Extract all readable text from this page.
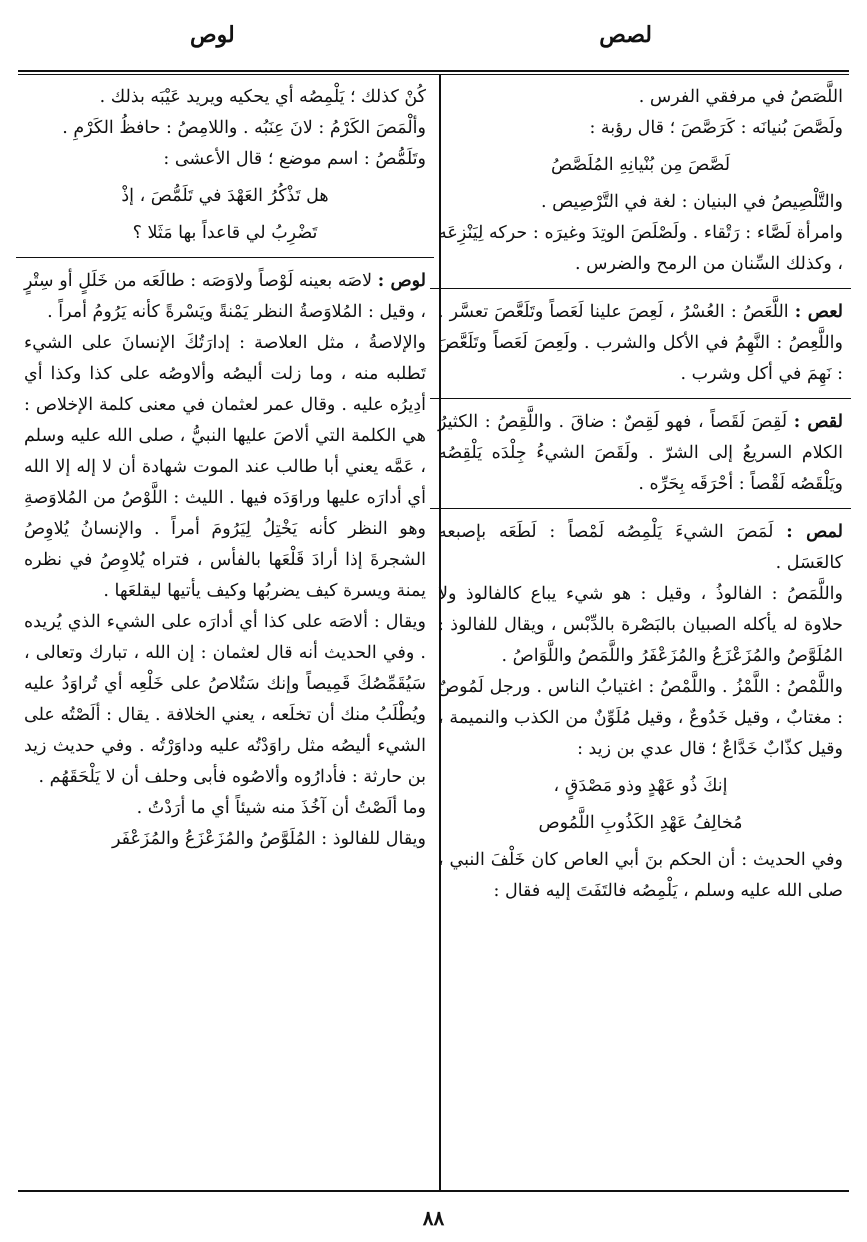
لصص
لوص

اللَّصَصُ في مرفقي الفرس .

ولَصَّصَ بُنيانَه : كَرَصَّصَ ؛ قال رؤبة :

لَصَّصَ مِن بُنْيانِهِ المُلَصَّصُ

والتَّلْصِيصُ في البنيان : لغة في التَّرْصِيص .

وامرأة لَصَّاء : رَتْقاء . ولَصْلَصَ الوتِدَ وغيرَه : حركه لِيَنْزِعَه ، وكذلك السِّنان من الرمح والضرس .

لعص : اللَّعَصُ : العُسْرُ ، لَعِصَ علينا لَعَصاً وتَلَعَّصَ تعسَّر . واللَّعِصُ : النَّهِمُ في الأكل والشرب . ولَعِصَ لَعَصاً وتَلَعَّصَ : نَهِمَ في أكل وشرب .

لقص : لَقِصَ لَقَصاً ، فهو لَقِصٌ : ضاقَ . واللَّقِصُ : الكثيرُ الكلام السريعُ إلى الشرّ . ولَقَصَ الشيءُ جِلْدَه يَلْقِصُه ويَلْقَصُه لَقْصاً : أحْرَقَه بِحَرِّه .

لمص : لَمَصَ الشيءَ يَلْمِصُه لَمْصاً : لَطَعَه بإصبعه كالعَسَل .

واللَّمَصُ : الفالوذُ ، وقيل : هو شيء يباع كالفالوذ ولا حلاوة له يأكله الصبيان بالبَصْرة بالدِّبْس ، ويقال للفالوذ : المُلَوَّصُ والمُزَعْزَعُ والمُزَعْفَرُ واللَّمَصُ واللَّوَاصُ .

واللَّمْصُ : اللَّمْزُ . واللَّمْصُ : اغتيابُ الناس . ورجل لَمُوصٌ : مغتابٌ ، وقيل خَدُوعٌ ، وقيل مُلَوِّنٌ من الكذب والنميمة ، وقيل كذّابٌ خَدَّاعٌ ؛ قال عدي بن زيد :

إنكَ ذُو عَهْدٍ وذو مَصْدَقٍ ،

مُخالِفُ عَهْدِ الكَذُوبِ اللَّمُوص

وفي الحديث : أن الحكم بنَ أبي العاص كان خَلْفَ النبي ، صلى الله عليه وسلم ، يَلْمِصُه فالتَفَتَ إليه فقال :

كُنْ كذلك ؛ يَلْمِصُه أي يحكيه ويريد عَيْبَه بذلك .

وألْمَصَ الكَرْمُ : لانَ عِنَبُه . واللامِصُ : حافظُ الكَرْمِ .

وتَلَمُّصُ : اسم موضع ؛ قال الأعشى :

هل تَذْكُرُ العَهْدَ في تَلَمُّصَ ، إذْ

تَضْرِبُ لي قاعداً بها مَثَلا ؟

لوص : لاصَه بعينه لَوْصاً ولاوَصَه : طالَعَه من خَلَلٍ أو سِتْرٍ ، وقيل : المُلاوَصةُ النظر يَمْنةً ويَسْرةً كأنه يَرُومُ أمراً .

والإلاصةُ ، مثل العلاصة : إدارَتُكَ الإنسانَ على الشيء تَطلبه منه ، وما زلت أليصُه وألاوصُه على كذا وكذا أي أدِيرُه عليه . وقال عمر لعثمان في معنى كلمة الإخلاص : هي الكلمة التي ألاصَ عليها النبيُّ ، صلى الله عليه وسلم ، عَمَّه يعني أبا طالب عند الموت شهادة أن لا إله إلا الله أي أدارَه عليها وراوَدَه فيها . الليث : اللَّوْصُ من المُلاوَصةِ وهو النظر كأنه يَخْتِلُ لِيَرُومَ أمراً . والإنسانُ يُلاوِصُ الشجرةَ إذا أرادَ قَلْعَها بالفأس ، فتراه يُلاوِصُ في نظره يمنة ويسرة كيف يضربُها وكيف يأتيها ليقلعَها .

ويقال : ألاصَه على كذا أي أدارَه على الشيء الذي يُريده . وفي الحديث أنه قال لعثمان : إن الله ، تبارك وتعالى ، سَيُقَمِّصُكَ قَمِيصاً وإنك سَتُلاصُ على خَلْعِه أي تُراوَدُ عليه ويُطْلَبُ منك أن تخلَعه ، يعني الخلافة . يقال : ألَصْتُه على الشيء أليصُه مثل راوَدْتُه عليه وداوَرْتُه . وفي حديث زيد بن حارثة : فأدارُوه وألاصُوه فأبى وحلف أن لا يَلْحَقَهُم .

وما ألَصْتُ أن آخُذَ منه شيئاً أي ما أرَدْتُ .

ويقال للفالوذ : المُلَوَّصُ والمُزَعْزَعُ والمُزَعْفَر

٨٨
